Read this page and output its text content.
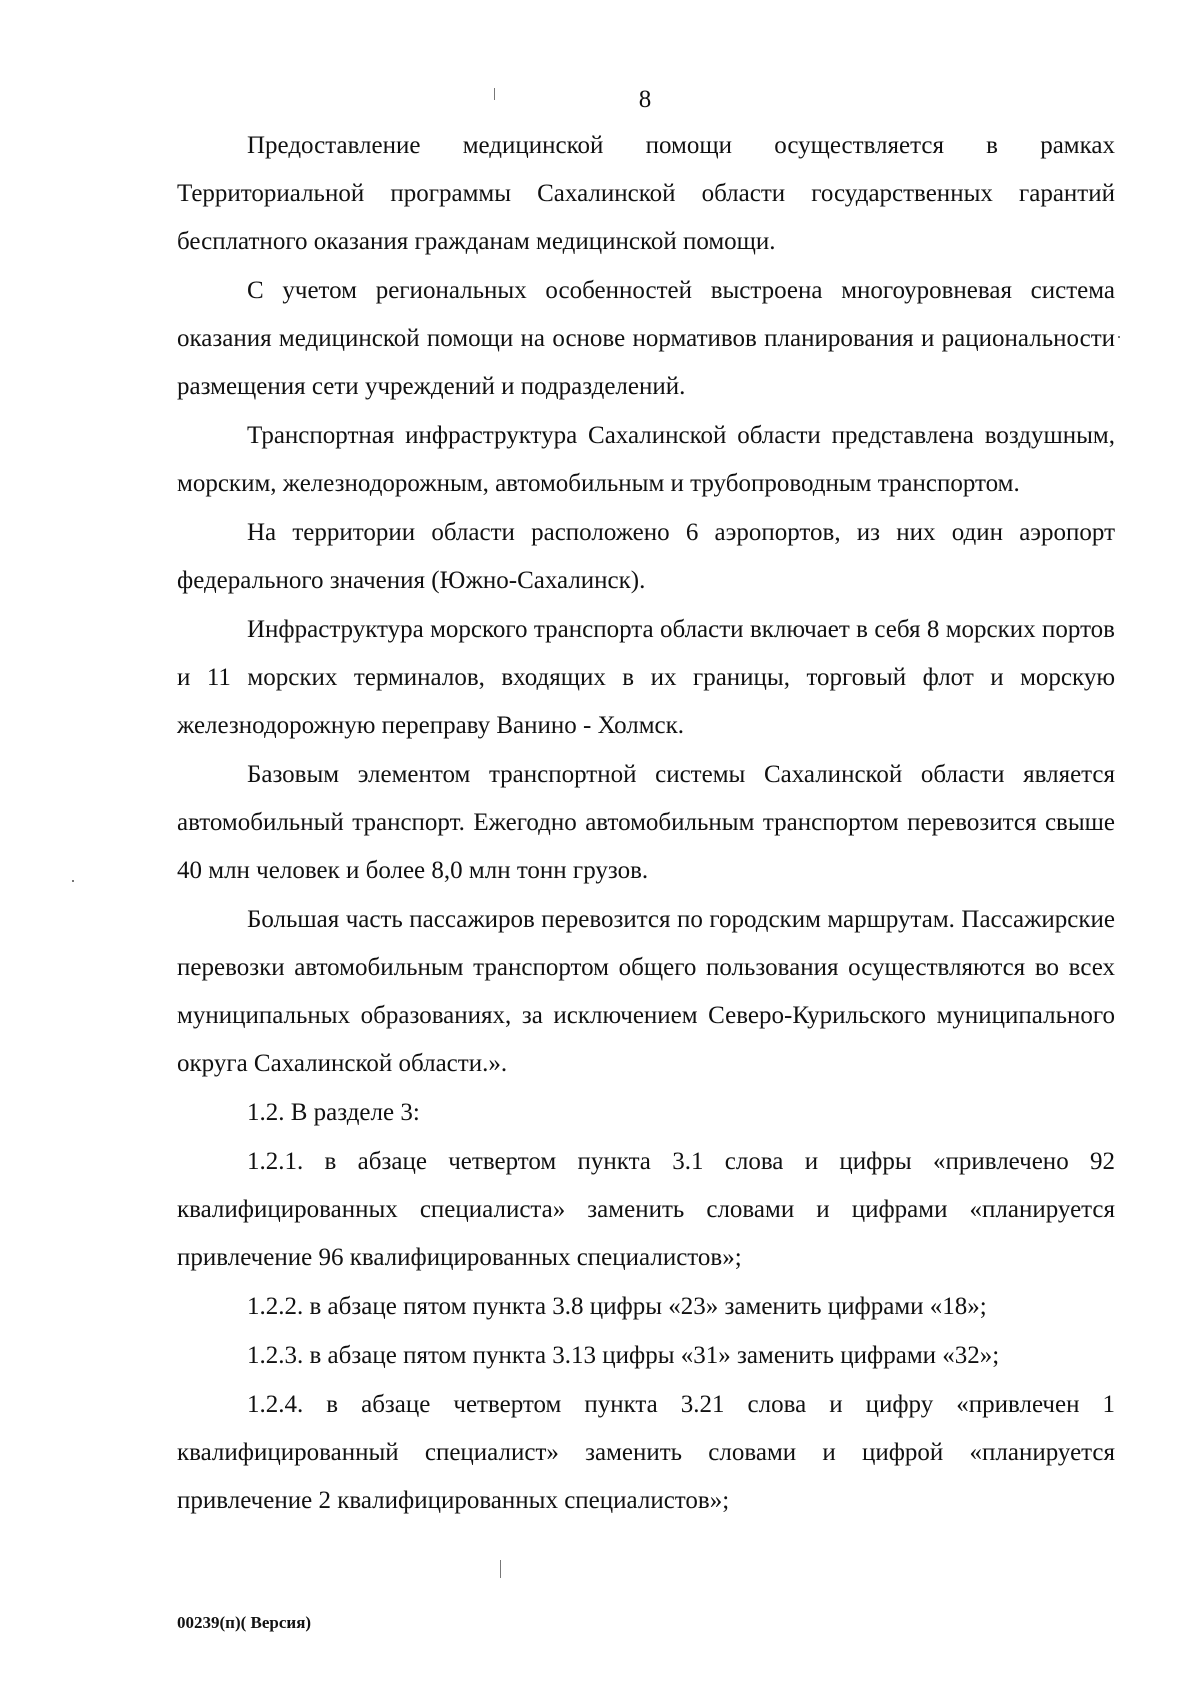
8

Предоставление медицинской помощи осуществляется в рамках Территориальной программы Сахалинской области государственных гарантий бесплатного оказания гражданам медицинской помощи.

С учетом региональных особенностей выстроена многоуровневая система оказания медицинской помощи на основе нормативов планирования и рациональности размещения сети учреждений и подразделений.

Транспортная инфраструктура Сахалинской области представлена воздушным, морским, железнодорожным, автомобильным и трубопроводным транспортом.

На территории области расположено 6 аэропортов, из них один аэропорт федерального значения (Южно-Сахалинск).

Инфраструктура морского транспорта области включает в себя 8 морских портов и 11 морских терминалов, входящих в их границы, торговый флот и морскую железнодорожную переправу Ванино - Холмск.

Базовым элементом транспортной системы Сахалинской области является автомобильный транспорт. Ежегодно автомобильным транспортом перевозится свыше 40 млн человек и более 8,0 млн тонн грузов.

Большая часть пассажиров перевозится по городским маршрутам. Пассажирские перевозки автомобильным транспортом общего пользования осуществляются во всех муниципальных образованиях, за исключением Северо-Курильского муниципального округа Сахалинской области.».

1.2. В разделе 3:

1.2.1. в абзаце четвертом пункта 3.1 слова и цифры «привлечено 92 квалифицированных специалиста» заменить словами и цифрами «планируется привлечение 96 квалифицированных специалистов»;

1.2.2. в абзаце пятом пункта 3.8 цифры «23» заменить цифрами «18»;

1.2.3. в абзаце пятом пункта 3.13 цифры «31» заменить цифрами «32»;

1.2.4. в абзаце четвертом пункта 3.21 слова и цифру «привлечен 1 квалифицированный специалист» заменить словами и цифрой «планируется привлечение 2 квалифицированных специалистов»;

00239(п)( Версия)
